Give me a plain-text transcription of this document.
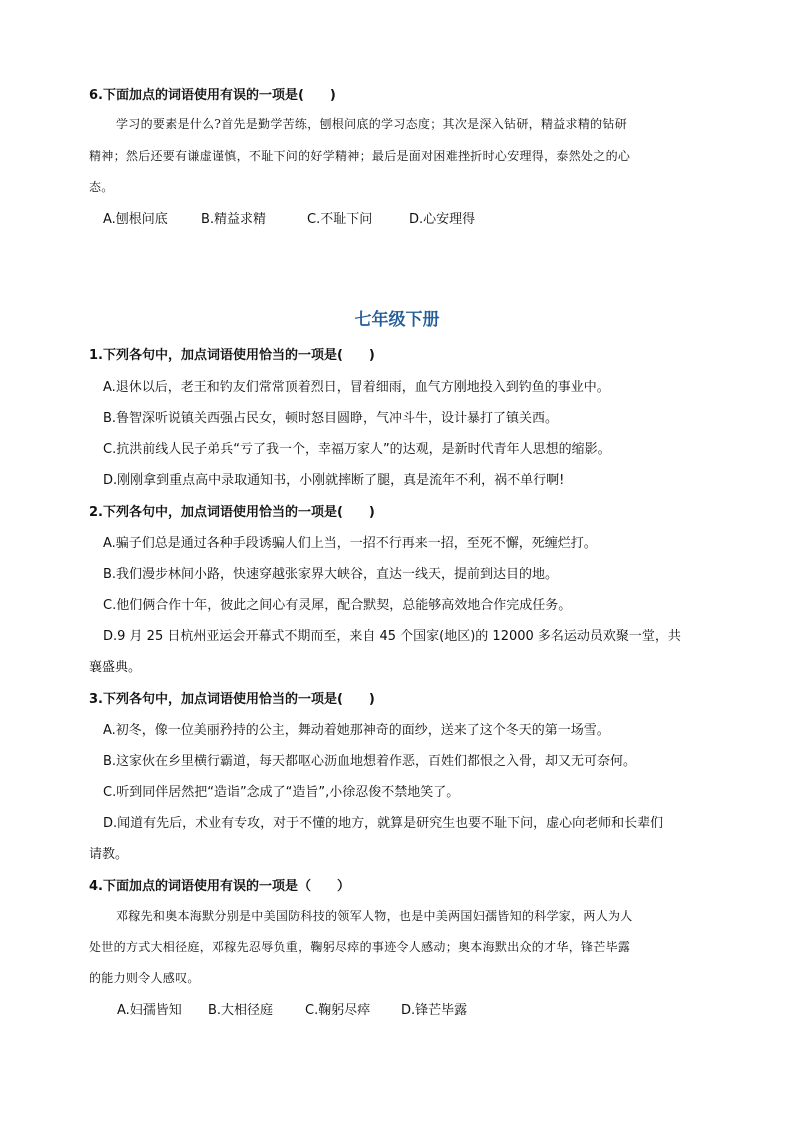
6.下面加点的词语使用有误的一项是(　　)
学习的要素是什么?首先是勤学苦练，刨根问底的学习态度；其次是深入钻研，精益求精的钻研
精神；然后还要有谦虚谨慎，不耻下问的好学精神；最后是面对困难挫折时心安理得，泰然处之的心
态。
A.刨根问底	B.精益求精	C.不耻下问	D.心安理得
七年级下册
1.下列各句中，加点词语使用恰当的一项是(　　)
A.退休以后，老王和钓友们常常顶着烈日，冒着细雨，血气方刚地投入到钓鱼的事业中。
B.鲁智深听说镇关西强占民女，顿时怒目圆睁，气冲斗牛，设计暴打了镇关西。
C.抗洪前线人民子弟兵“亏了我一个，幸福万家人”的达观，是新时代青年人思想的缩影。
D.刚刚拿到重点高中录取通知书，小刚就摔断了腿，真是流年不利，祸不单行啊!
2.下列各句中，加点词语使用恰当的一项是(　　)
A.骗子们总是通过各种手段诱骗人们上当，一招不行再来一招，至死不懈，死缠烂打。
B.我们漫步林间小路，快速穿越张家界大峡谷，直达一线天，提前到达目的地。
C.他们俩合作十年，彼此之间心有灵犀，配合默契，总能够高效地合作完成任务。
D.9 月 25 日杭州亚运会开幕式不期而至，来自 45 个国家(地区)的 12000 多名运动员欢聚一堂，共
襄盛典。
3.下列各句中，加点词语使用恰当的一项是(　　)
A.初冬，像一位美丽矜持的公主，舞动着她那神奇的面纱，送来了这个冬天的第一场雪。
B.这家伙在乡里横行霸道，每天都呕心沥血地想着作恶，百姓们都恨之入骨，却又无可奈何。
C.听到同伴居然把“造诣”念成了“造旨”,小徐忍俊不禁地笑了。
D.闻道有先后，术业有专攻，对于不懂的地方，就算是研究生也要不耻下问，虚心向老师和长辈们
请教。
4.下面加点的词语使用有误的一项是（　　）
邓稼先和奥本海默分别是中美国防科技的领军人物，也是中美两国妇孺皆知的科学家，两人为人
处世的方式大相径庭，邓稼先忍辱负重，鞠躬尽瘁的事迹令人感动；奥本海默出众的才华，锋芒毕露
的能力则令人感叹。
A.妇孺皆知 B.大相径庭 C.鞠躬尽瘁 D.锋芒毕露
